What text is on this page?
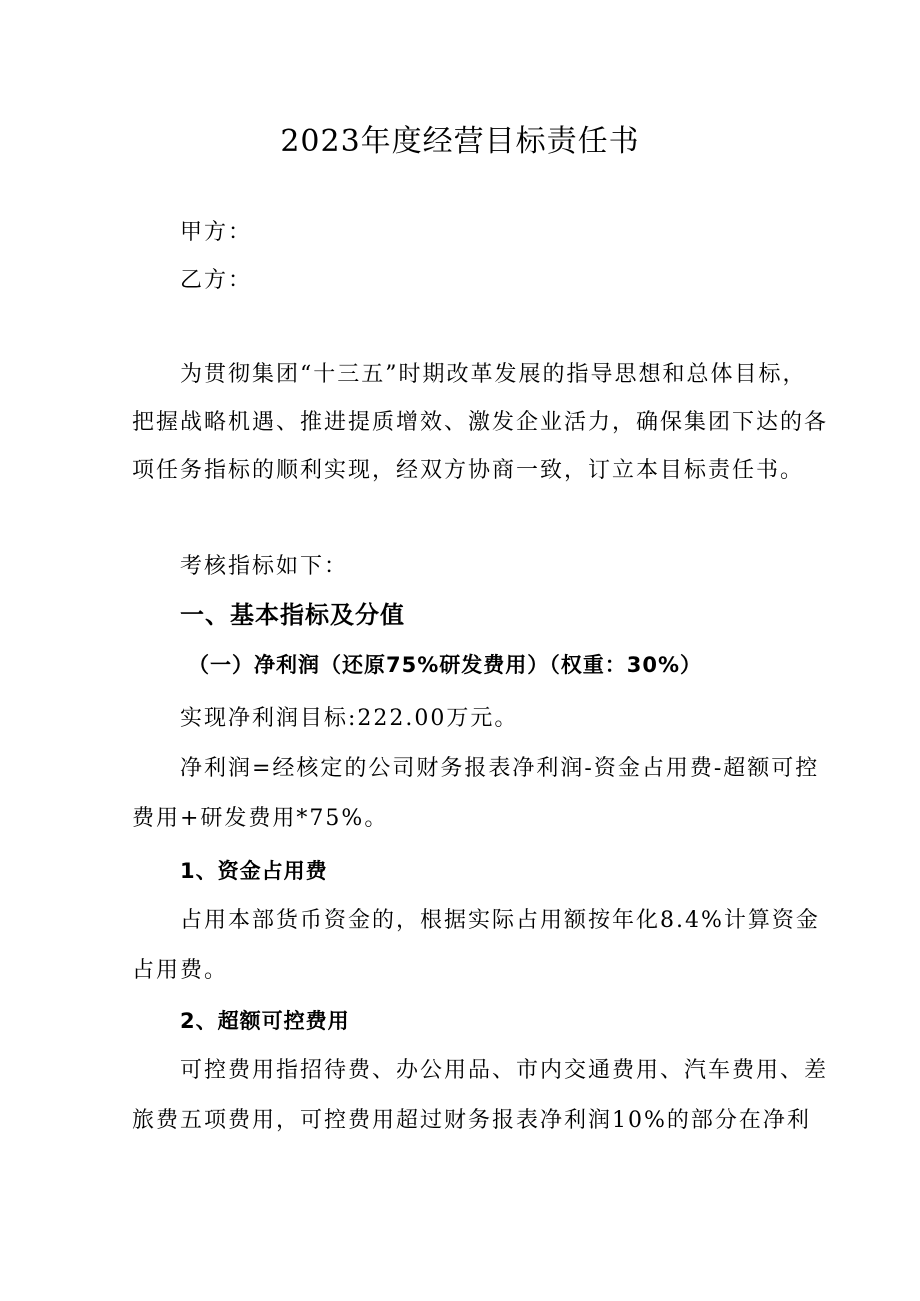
2023年度经营目标责任书
甲方：
乙方：
为贯彻集团“十三五”时期改革发展的指导思想和总体目标，
把握战略机遇、推进提质增效、激发企业活力，确保集团下达的各
项任务指标的顺利实现，经双方协商一致，订立本目标责任书。
考核指标如下：
一、基本指标及分值
（一）净利润（还原75%研发费用）（权重：30%）
实现净利润目标:222.00万元。
净利润=经核定的公司财务报表净利润-资金占用费-超额可控
费用+研发费用*75%。
1、资金占用费
占用本部货币资金的，根据实际占用额按年化8.4%计算资金
占用费。
2、超额可控费用
可控费用指招待费、办公用品、市内交通费用、汽车费用、差
旅费五项费用，可控费用超过财务报表净利润10%的部分在净利
